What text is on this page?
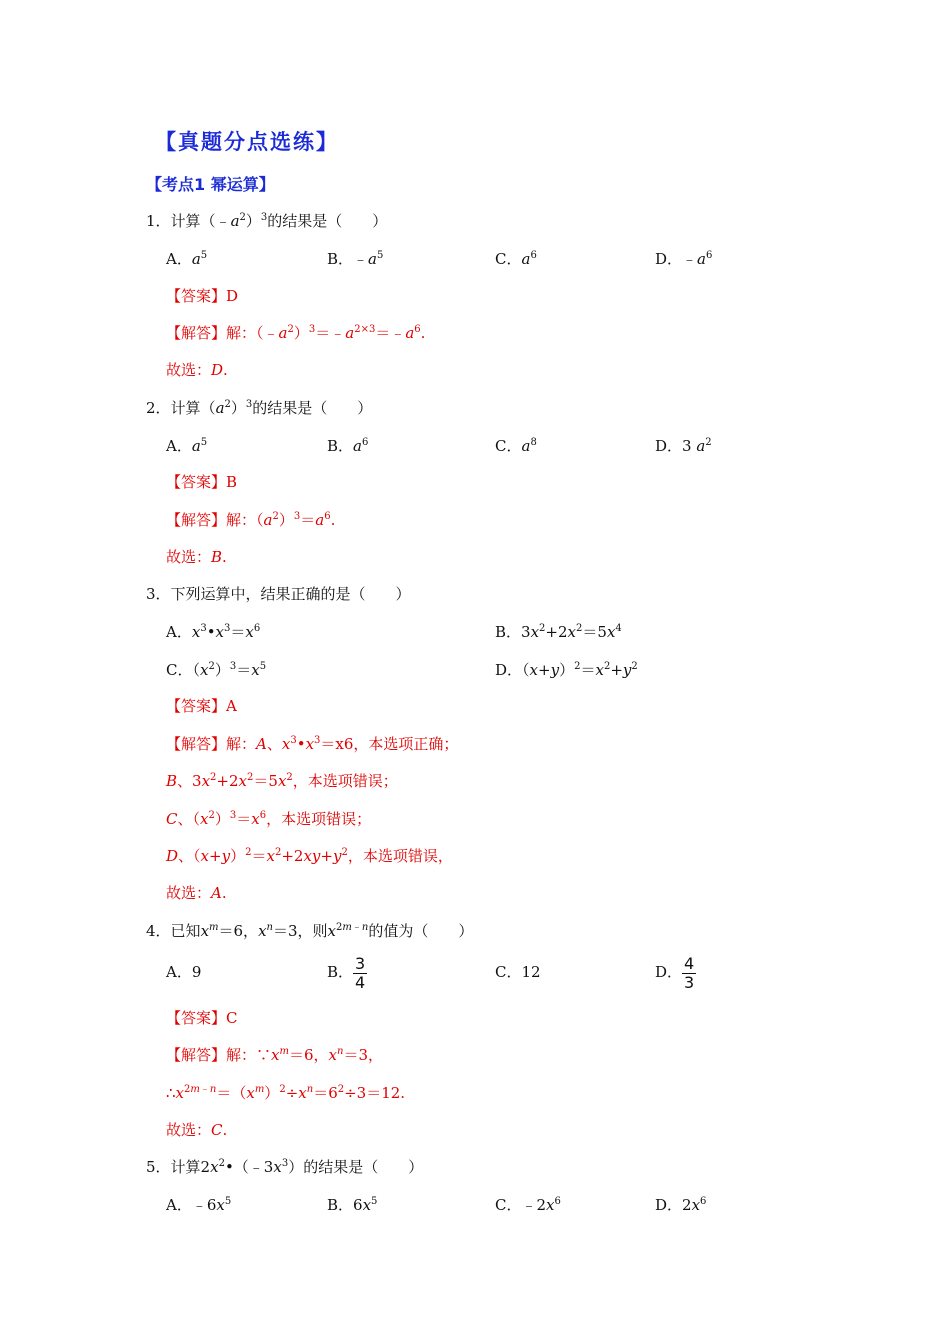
【真题分点选练】
【考点1 幂运算】
1．计算$(﹣a^2)^3$的结果是（　　）
A．$a^5$	B．$﹣a^5$	C．$a^6$	D．$﹣a^6$
【答案】D
【解答】解：$(﹣a^2)^3=﹣a^{2\times 3}=﹣a^6$.
故选：D.
2．计算$(a^2)^3$的结果是（　　）
A．$a^5$	B．$a^6$	C．$a^8$	D．3 $a^2$
【答案】B
【解答】解：$(a^2)^3=a^6$.
故选：B.
3．下列运算中，结果正确的是（　　）
A．$x^3•x^3=x^6$	B．$3x^2+2x^2=5x^4$
C．$(x^2)^3=x^5$	D．$(x+y)^2=x^2+y^2$
【答案】A
【解答】解：A、$x^3•x^3=x6$，本选项正确；
B、$3x^2+2x^2=5x^2$，本选项错误；
C、$(x^2)^3=x^6$，本选项错误；
D、$(x+y)^2=x^2+2xy+y^2$，本选项错误，
故选：A.
4．已知$x^m=6$，$x^n=3$，则$x^{2m﹣n}$的值为（　　）
A．9	B． $\frac{3}{4}$	C．12	D． $\frac{4}{3}$
【答案】C
【解答】解：$\because x^m=6$，$x^n=3$，
$\therefore x^{2m﹣n}=(x^m)^2\div x^n=6^2\div 3=12$.
故选：C.
5．计算$2x^2•(﹣3x^3)$的结果是（　　）
A．$﹣6x^5$	B．$6x^5$	C．$﹣2x^6$	D．$2x^6$
